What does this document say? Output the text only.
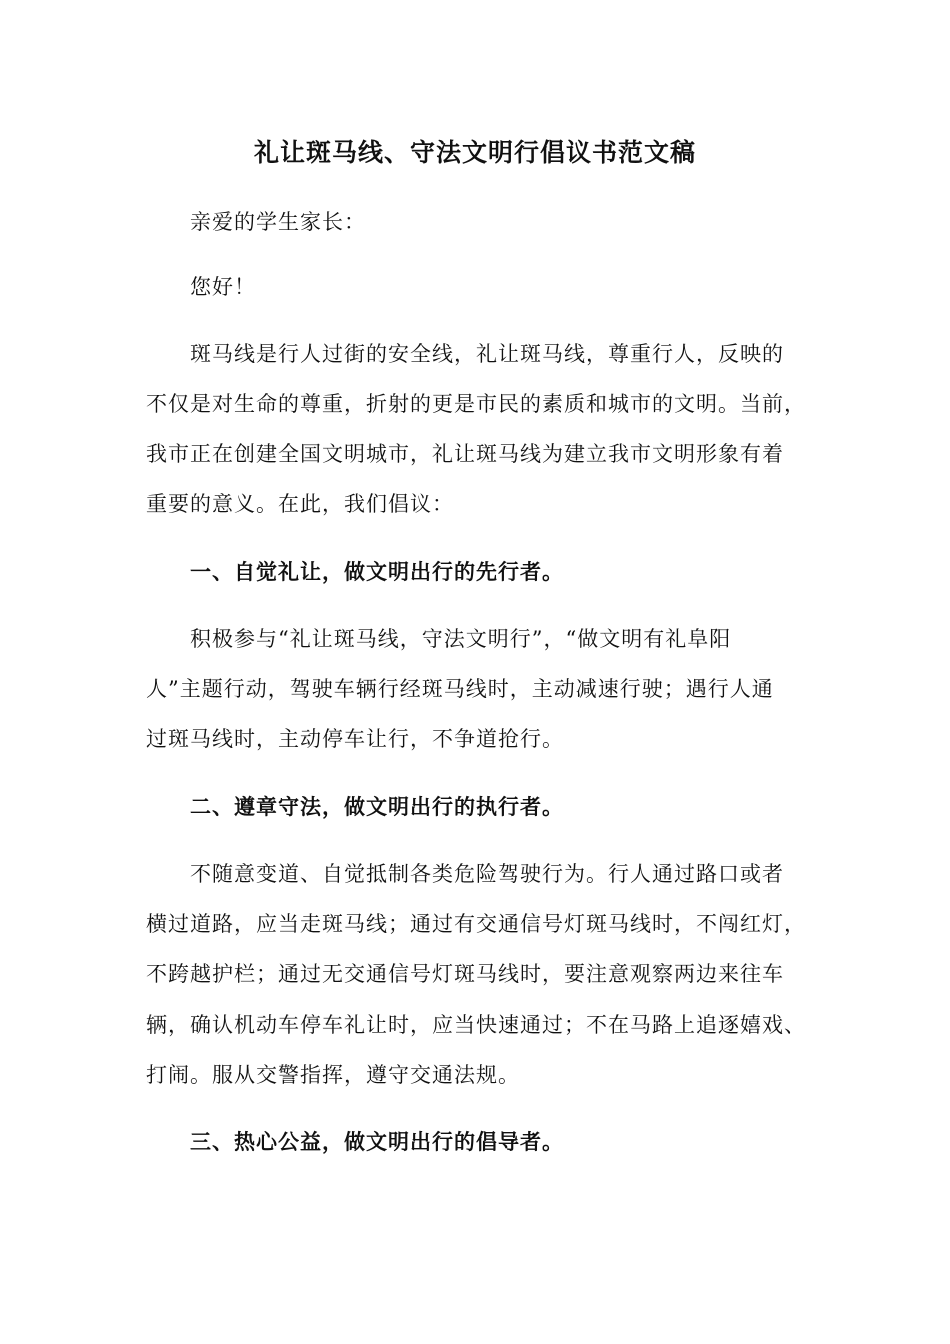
礼让斑马线、守法文明行倡议书范文稿
亲爱的学生家长：
您好！
斑马线是行人过街的安全线，礼让斑马线，尊重行人，反映的
不仅是对生命的尊重，折射的更是市民的素质和城市的文明。当前，
我市正在创建全国文明城市，礼让斑马线为建立我市文明形象有着
重要的意义。在此，我们倡议：
一、自觉礼让，做文明出行的先行者。
积极参与“礼让斑马线，守法文明行”，“做文明有礼阜阳
人”主题行动，驾驶车辆行经斑马线时，主动减速行驶；遇行人通
过斑马线时，主动停车让行，不争道抢行。
二、遵章守法，做文明出行的执行者。
不随意变道、自觉抵制各类危险驾驶行为。行人通过路口或者
横过道路，应当走斑马线；通过有交通信号灯斑马线时，不闯红灯，
不跨越护栏；通过无交通信号灯斑马线时，要注意观察两边来往车
辆，确认机动车停车礼让时，应当快速通过；不在马路上追逐嬉戏、
打闹。服从交警指挥，遵守交通法规。
三、热心公益，做文明出行的倡导者。
